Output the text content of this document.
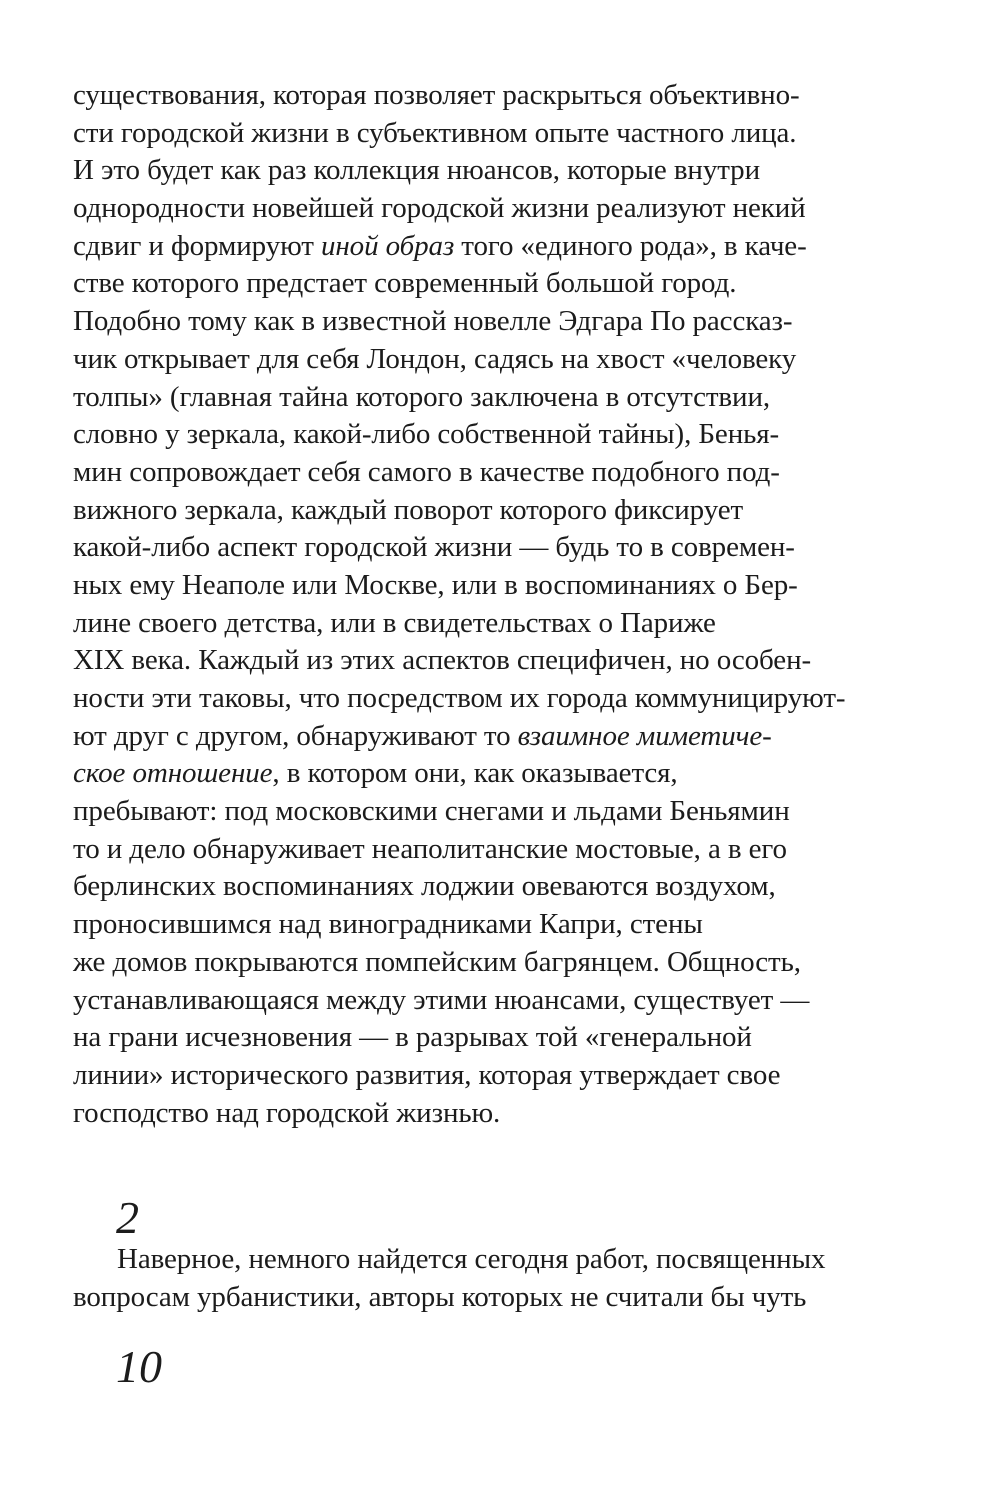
существования, которая позволяет раскрыться объективно-
сти городской жизни в субъективном опыте частного лица.
И это будет как раз коллекция нюансов, которые внутри
однородности новейшей городской жизни реализуют некий
сдвиг и формируют иной образ того «единого рода», в каче-
стве которого предстает современный большой город.
Подобно тому как в известной новелле Эдгара По рассказ-
чик открывает для себя Лондон, садясь на хвост «человеку
толпы» (главная тайна которого заключена в отсутствии,
словно у зеркала, какой-либо собственной тайны), Бенья-
мин сопровождает себя самого в качестве подобного под-
вижного зеркала, каждый поворот которого фиксирует
какой-либо аспект городской жизни — будь то в современ-
ных ему Неаполе или Москве, или в воспоминаниях о Бер-
лине своего детства, или в свидетельствах о Париже
XIX века. Каждый из этих аспектов специфичен, но особен-
ности эти таковы, что посредством их города коммуницируют-
ют друг с другом, обнаруживают то взаимное миметиче-
ское отношение, в котором они, как оказывается,
пребывают: под московскими снегами и льдами Беньямин
то и дело обнаруживает неаполитанские мостовые, а в его
берлинских воспоминаниях лоджии овеваются воздухом,
проносившимся над виноградниками Капри, стены
же домов покрываются помпейским багрянцем. Общность,
устанавливающаяся между этими нюансами, существует —
на грани исчезновения — в разрывах той «генеральной
линии» исторического развития, которая утверждает свое
господство над городской жизнью.
2
Наверное, немного найдется сегодня работ, посвященных
вопросам урбанистики, авторы которых не считали бы чуть
10
